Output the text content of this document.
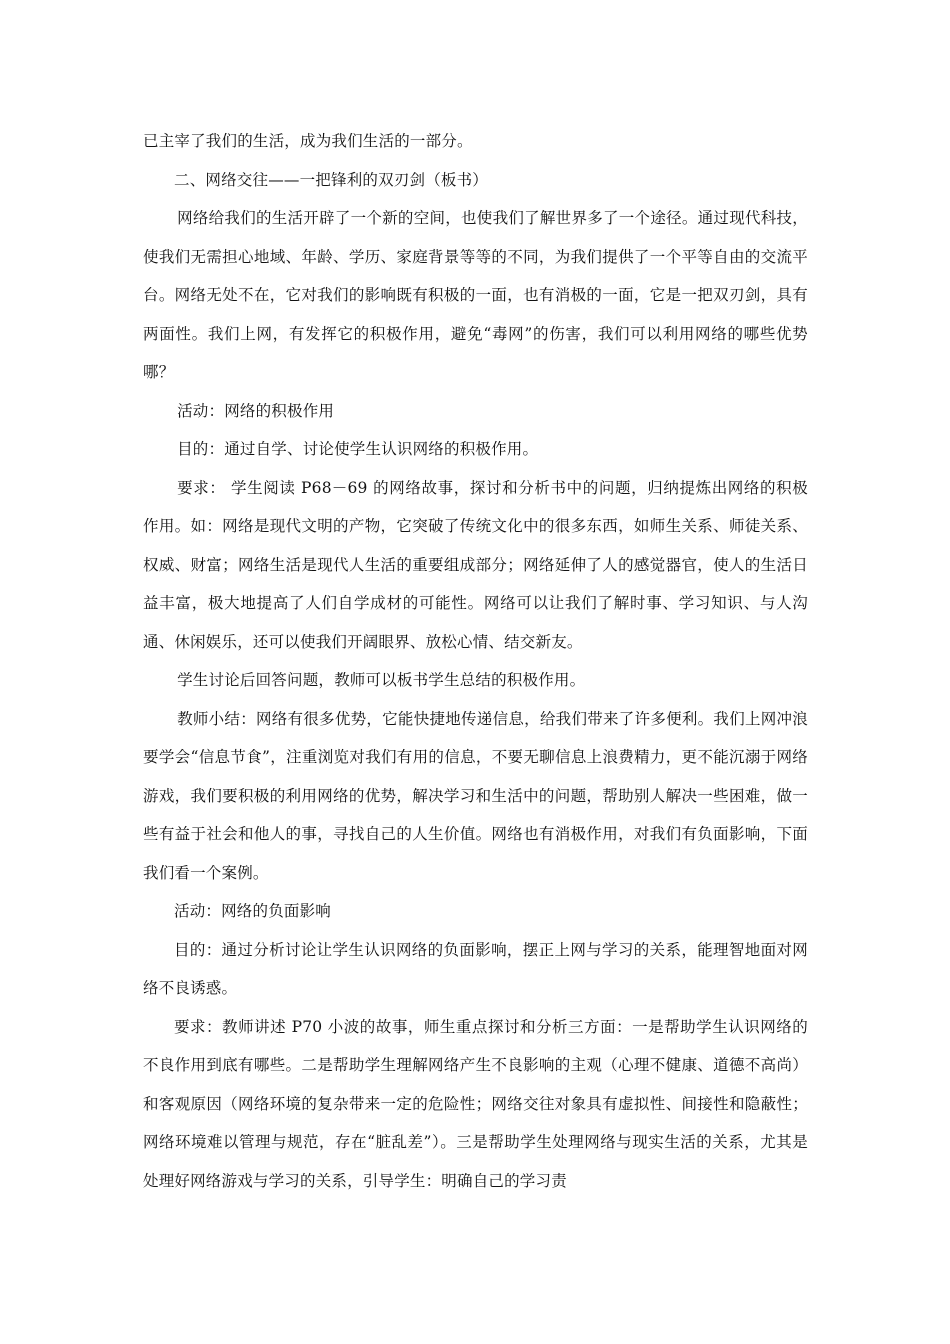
已主宰了我们的生活，成为我们生活的一部分。

二、网络交往——一把锋利的双刃剑（板书）

网络给我们的生活开辟了一个新的空间，也使我们了解世界多了一个途径。通过现代科技，使我们无需担心地域、年龄、学历、家庭背景等等的不同，为我们提供了一个平等自由的交流平台。网络无处不在，它对我们的影响既有积极的一面，也有消极的一面，它是一把双刃剑，具有两面性。我们上网，有发挥它的积极作用，避免“毒网”的伤害，我们可以利用网络的哪些优势哪？

活动：网络的积极作用

目的：通过自学、讨论使学生认识网络的积极作用。

要求： 学生阅读 P68－69 的网络故事，探讨和分析书中的问题，归纳提炼出网络的积极作用。如：网络是现代文明的产物，它突破了传统文化中的很多东西，如师生关系、师徒关系、权威、财富；网络生活是现代人生活的重要组成部分；网络延伸了人的感觉器官，使人的生活日益丰富，极大地提高了人们自学成材的可能性。网络可以让我们了解时事、学习知识、与人沟通、休闲娱乐，还可以使我们开阔眼界、放松心情、结交新友。

学生讨论后回答问题，教师可以板书学生总结的积极作用。

教师小结：网络有很多优势，它能快捷地传递信息，给我们带来了许多便利。我们上网冲浪要学会“信息节食”，注重浏览对我们有用的信息，不要无聊信息上浪费精力，更不能沉溺于网络游戏，我们要积极的利用网络的优势，解决学习和生活中的问题，帮助别人解决一些困难，做一些有益于社会和他人的事，寻找自己的人生价值。网络也有消极作用，对我们有负面影响，下面我们看一个案例。

活动：网络的负面影响

目的：通过分析讨论让学生认识网络的负面影响，摆正上网与学习的关系，能理智地面对网络不良诱惑。

要求：教师讲述 P70 小波的故事，师生重点探讨和分析三方面：一是帮助学生认识网络的不良作用到底有哪些。二是帮助学生理解网络产生不良影响的主观（心理不健康、道德不高尚）和客观原因（网络环境的复杂带来一定的危险性；网络交往对象具有虚拟性、间接性和隐蔽性；网络环境难以管理与规范，存在“脏乱差”）。三是帮助学生处理网络与现实生活的关系，尤其是处理好网络游戏与学习的关系，引导学生：明确自己的学习责
